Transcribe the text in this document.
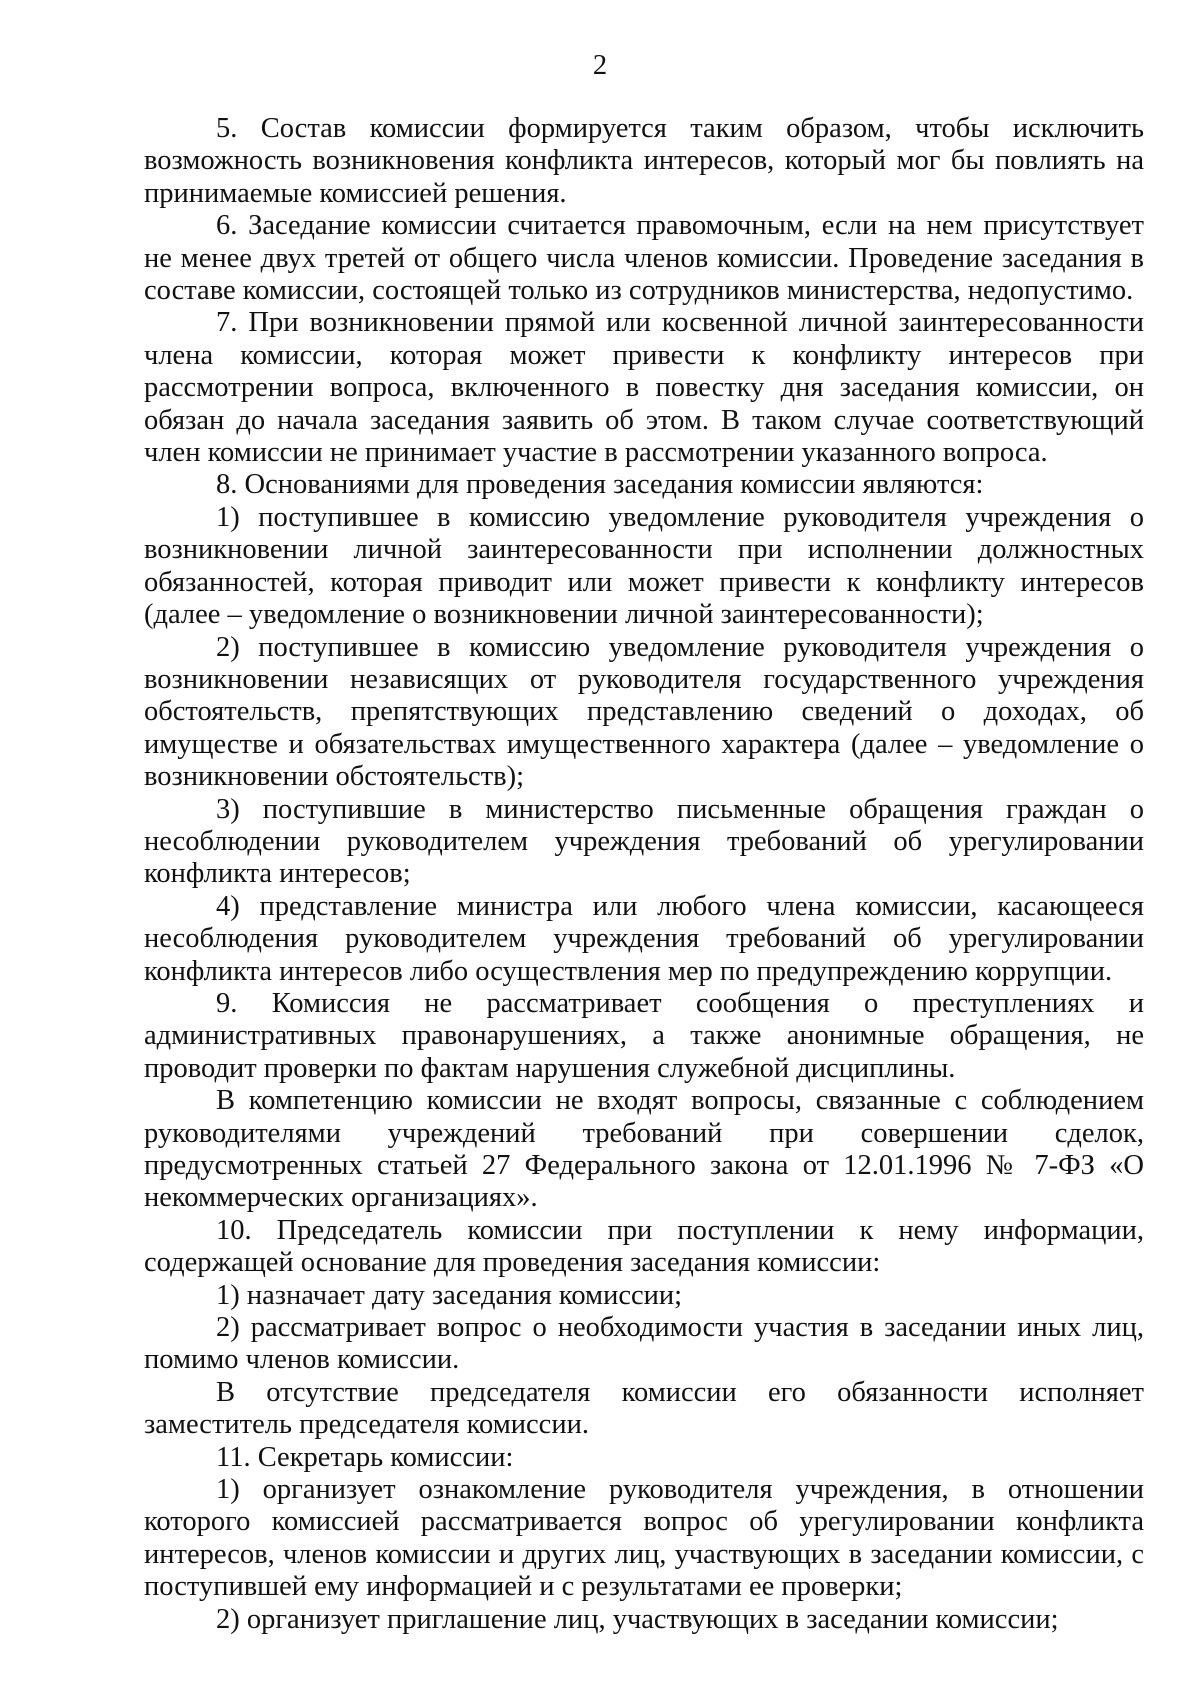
2

5. Состав комиссии формируется таким образом, чтобы исключить возможность возникновения конфликта интересов, который мог бы повлиять на принимаемые комиссией решения.

6. Заседание комиссии считается правомочным, если на нем присутствует не менее двух третей от общего числа членов комиссии. Проведение заседания в составе комиссии, состоящей только из сотрудников министерства, недопустимо.

7. При возникновении прямой или косвенной личной заинтересованности члена комиссии, которая может привести к конфликту интересов при рассмотрении вопроса, включенного в повестку дня заседания комиссии, он обязан до начала заседания заявить об этом. В таком случае соответствующий член комиссии не принимает участие в рассмотрении указанного вопроса.

8. Основаниями для проведения заседания комиссии являются:

1) поступившее в комиссию уведомление руководителя учреждения о возникновении личной заинтересованности при исполнении должностных обязанностей, которая приводит или может привести к конфликту интересов (далее – уведомление о возникновении личной заинтересованности);

2) поступившее в комиссию уведомление руководителя учреждения о возникновении независящих от руководителя государственного учреждения обстоятельств, препятствующих представлению сведений о доходах, об имуществе и обязательствах имущественного характера (далее – уведомление о возникновении обстоятельств);

3) поступившие в министерство письменные обращения граждан о несоблюдении руководителем учреждения требований об урегулировании конфликта интересов;

4) представление министра или любого члена комиссии, касающееся несоблюдения руководителем учреждения требований об урегулировании конфликта интересов либо осуществления мер по предупреждению коррупции.

9. Комиссия не рассматривает сообщения о преступлениях и административных правонарушениях, а также анонимные обращения, не проводит проверки по фактам нарушения служебной дисциплины.

В компетенцию комиссии не входят вопросы, связанные с соблюдением руководителями учреждений требований при совершении сделок, предусмотренных статьей 27 Федерального закона от 12.01.1996 № 7-ФЗ «О некоммерческих организациях».

10. Председатель комиссии при поступлении к нему информации, содержащей основание для проведения заседания комиссии:

1) назначает дату заседания комиссии;

2) рассматривает вопрос о необходимости участия в заседании иных лиц, помимо членов комиссии.

В отсутствие председателя комиссии его обязанности исполняет заместитель председателя комиссии.

11. Секретарь комиссии:

1) организует ознакомление руководителя учреждения, в отношении которого комиссией рассматривается вопрос об урегулировании конфликта интересов, членов комиссии и других лиц, участвующих в заседании комиссии, с поступившей ему информацией и с результатами ее проверки;

2) организует приглашение лиц, участвующих в заседании комиссии;
